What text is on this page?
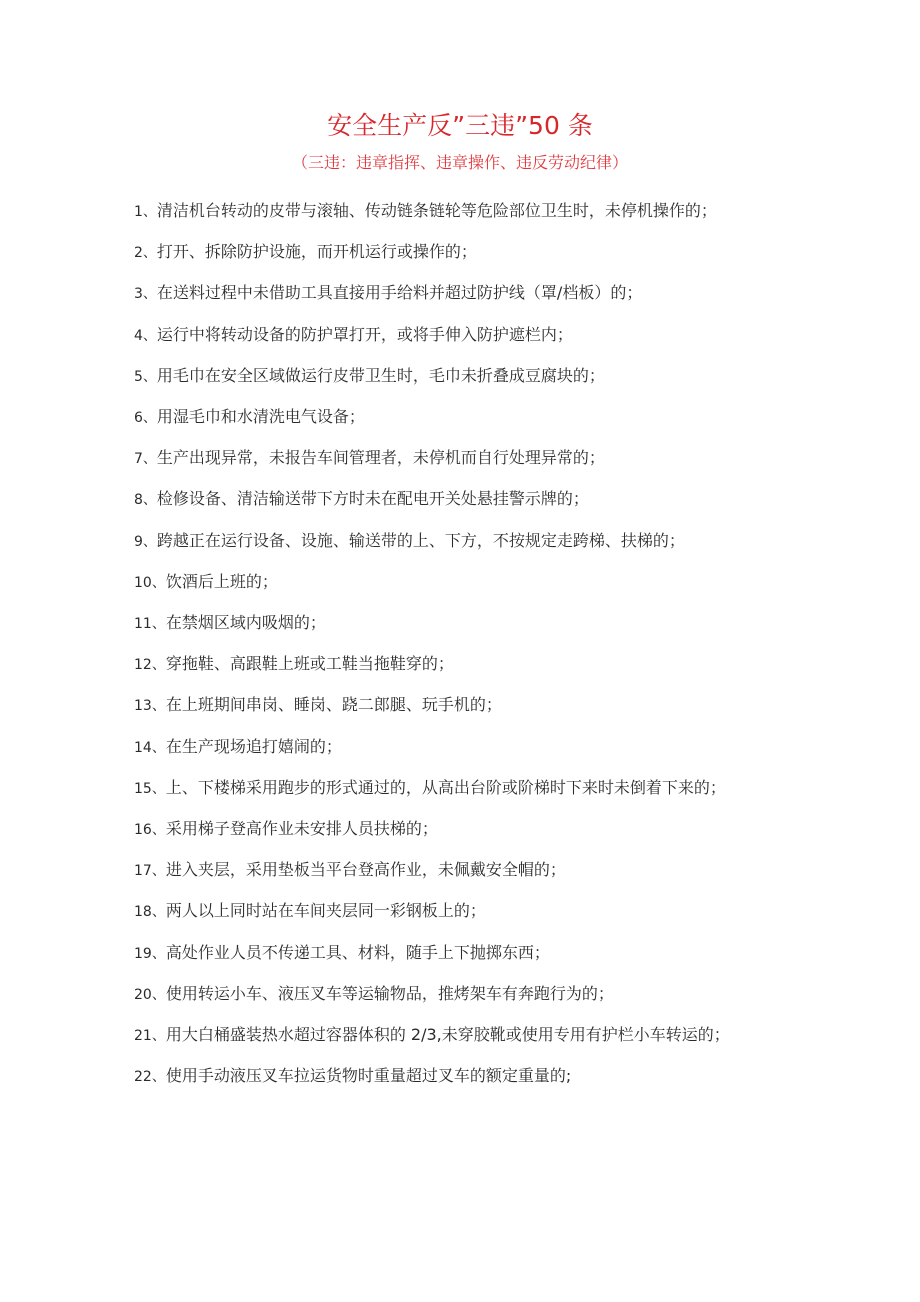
安全生产反”三违”50 条
（三违：违章指挥、违章操作、违反劳动纪律）
1、清洁机台转动的皮带与滚轴、传动链条链轮等危险部位卫生时，未停机操作的；
2、打开、拆除防护设施，而开机运行或操作的；
3、在送料过程中未借助工具直接用手给料并超过防护线（罩/档板）的；
4、运行中将转动设备的防护罩打开，或将手伸入防护遮栏内；
5、用毛巾在安全区域做运行皮带卫生时，毛巾未折叠成豆腐块的；
6、用湿毛巾和水清洗电气设备；
7、生产出现异常，未报告车间管理者，未停机而自行处理异常的；
8、检修设备、清洁输送带下方时未在配电开关处悬挂警示牌的；
9、跨越正在运行设备、设施、输送带的上、下方，不按规定走跨梯、扶梯的；
10、饮酒后上班的；
11、在禁烟区域内吸烟的；
12、穿拖鞋、高跟鞋上班或工鞋当拖鞋穿的；
13、在上班期间串岗、睡岗、跷二郎腿、玩手机的；
14、在生产现场追打嬉闹的；
15、上、下楼梯采用跑步的形式通过的，从高出台阶或阶梯时下来时未倒着下来的；
16、采用梯子登高作业未安排人员扶梯的；
17、进入夹层，采用垫板当平台登高作业，未佩戴安全帽的；
18、两人以上同时站在车间夹层同一彩钢板上的；
19、高处作业人员不传递工具、材料，随手上下抛掷东西；
20、使用转运小车、液压叉车等运输物品，推烤架车有奔跑行为的；
21、用大白桶盛装热水超过容器体积的 2/3,未穿胶靴或使用专用有护栏小车转运的；
22、使用手动液压叉车拉运货物时重量超过叉车的额定重量的;
